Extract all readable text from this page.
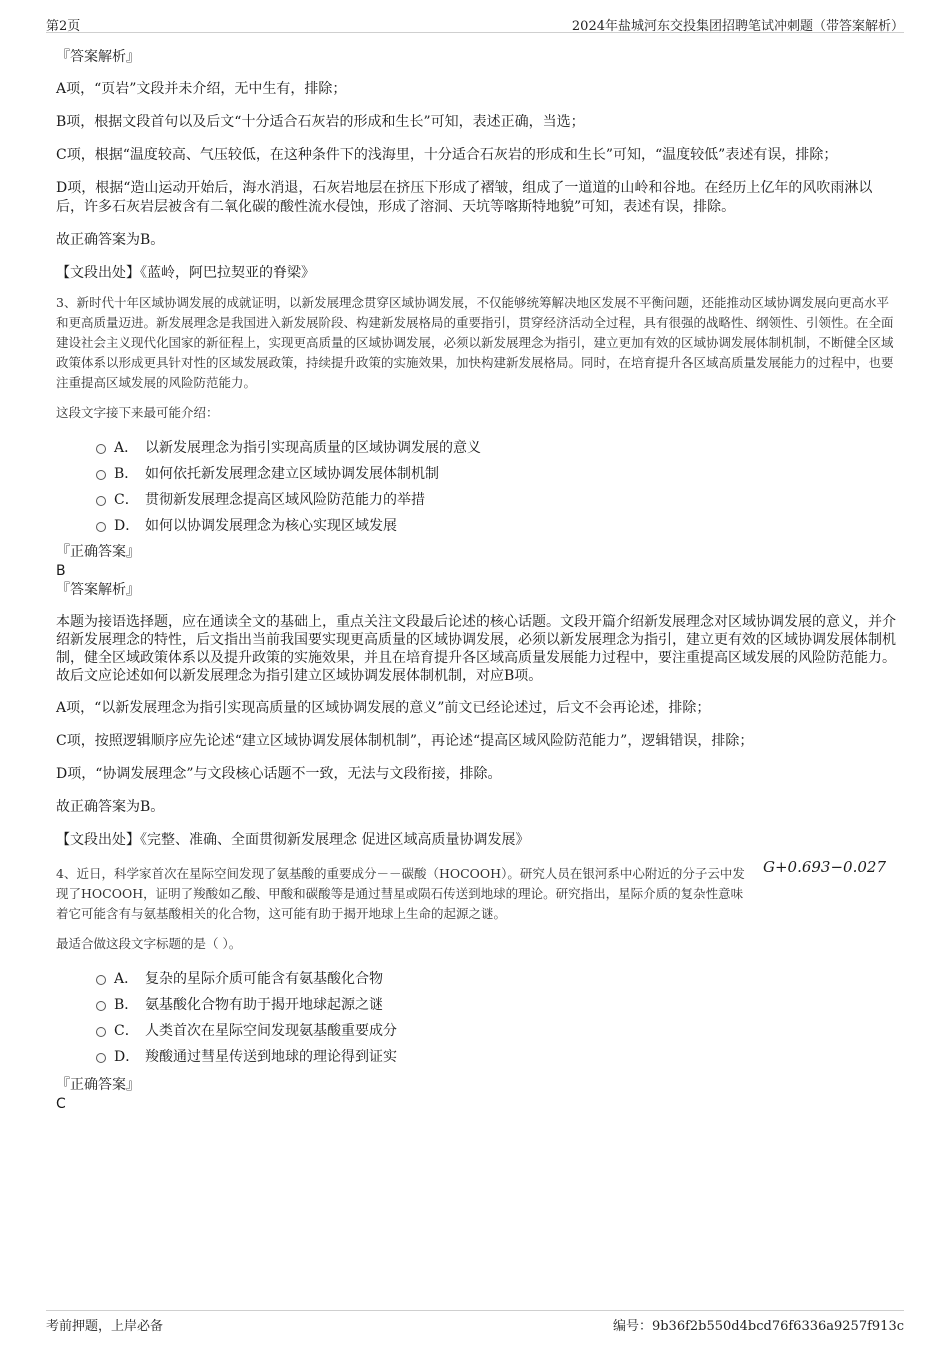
第2页	2024年盐城河东交投集团招聘笔试冲刺题（带答案解析）

『答案解析』

A项，“页岩”文段并未介绍，无中生有，排除；

B项，根据文段首句以及后文“十分适合石灰岩的形成和生长”可知，表述正确，当选；

C项，根据“温度较高、气压较低，在这种条件下的浅海里，十分适合石灰岩的形成和生长”可知，“温度较低”表述有误，排除；

D项，根据“造山运动开始后，海水消退，石灰岩地层在挤压下形成了褶皱，组成了一道道的山岭和谷地。在经历上亿年的风吹雨淋以后，许多石灰岩层被含有二氧化碳的酸性流水侵蚀，形成了溶洞、天坑等喀斯特地貌”可知，表述有误，排除。

故正确答案为B。

【文段出处】《蓝岭，阿巴拉契亚的脊梁》

3、新时代十年区域协调发展的成就证明，以新发展理念贯穿区域协调发展，不仅能够统筹解决地区发展不平衡问题，还能推动区域协调发展向更高水平和更高质量迈进。新发展理念是我国进入新发展阶段、构建新发展格局的重要指引，贯穿经济活动全过程，具有很强的战略性、纲领性、引领性。在全面建设社会主义现代化国家的新征程上，实现更高质量的区域协调发展，必须以新发展理念为指引，建立更加有效的区域协调发展体制机制，不断健全区域政策体系以形成更具针对性的区域发展政策，持续提升政策的实施效果，加快构建新发展格局。同时，在培育提升各区域高质量发展能力的过程中，也要注重提高区域发展的风险防范能力。

这段文字接下来最可能介绍：

A． 以新发展理念为指引实现高质量的区域协调发展的意义
B． 如何依托新发展理念建立区域协调发展体制机制
C． 贯彻新发展理念提高区域风险防范能力的举措
D． 如何以协调发展理念为核心实现区域发展

『正确答案』

B

『答案解析』

本题为接语选择题，应在通读全文的基础上，重点关注文段最后论述的核心话题。文段开篇介绍新发展理念对区域协调发展的意义，并介绍新发展理念的特性，后文指出当前我国要实现更高质量的区域协调发展，必须以新发展理念为指引，建立更有效的区域协调发展体制机制，健全区域政策体系以及提升政策的实施效果，并且在培育提升各区域高质量发展能力过程中，要注重提高区域发展的风险防范能力。故后文应论述如何以新发展理念为指引建立区域协调发展体制机制，对应B项。

A项，“以新发展理念为指引实现高质量的区域协调发展的意义”前文已经论述过，后文不会再论述，排除；

C项，按照逻辑顺序应先论述“建立区域协调发展体制机制”，再论述“提高区域风险防范能力”，逻辑错误，排除；

D项，“协调发展理念”与文段核心话题不一致，无法与文段衔接，排除。

故正确答案为B。

【文段出处】《完整、准确、全面贯彻新发展理念 促进区域高质量协调发展》

G+0.693−0.027

4、近日，科学家首次在星际空间发现了氨基酸的重要成分－－碳酸（HOCOOH）。研究人员在银河系中心附近的分子云中发现了HOCOOH，证明了羧酸如乙酸、甲酸和碳酸等是通过彗星或陨石传送到地球的理论。研究指出，星际介质的复杂性意味着它可能含有与氨基酸相关的化合物，这可能有助于揭开地球上生命的起源之谜。

最适合做这段文字标题的是（ ）。

A． 复杂的星际介质可能含有氨基酸化合物
B． 氨基酸化合物有助于揭开地球起源之谜
C． 人类首次在星际空间发现氨基酸重要成分
D． 羧酸通过彗星传送到地球的理论得到证实

『正确答案』

C

考前押题，上岸必备	编号：9b36f2b550d4bcd76f6336a9257f913c
